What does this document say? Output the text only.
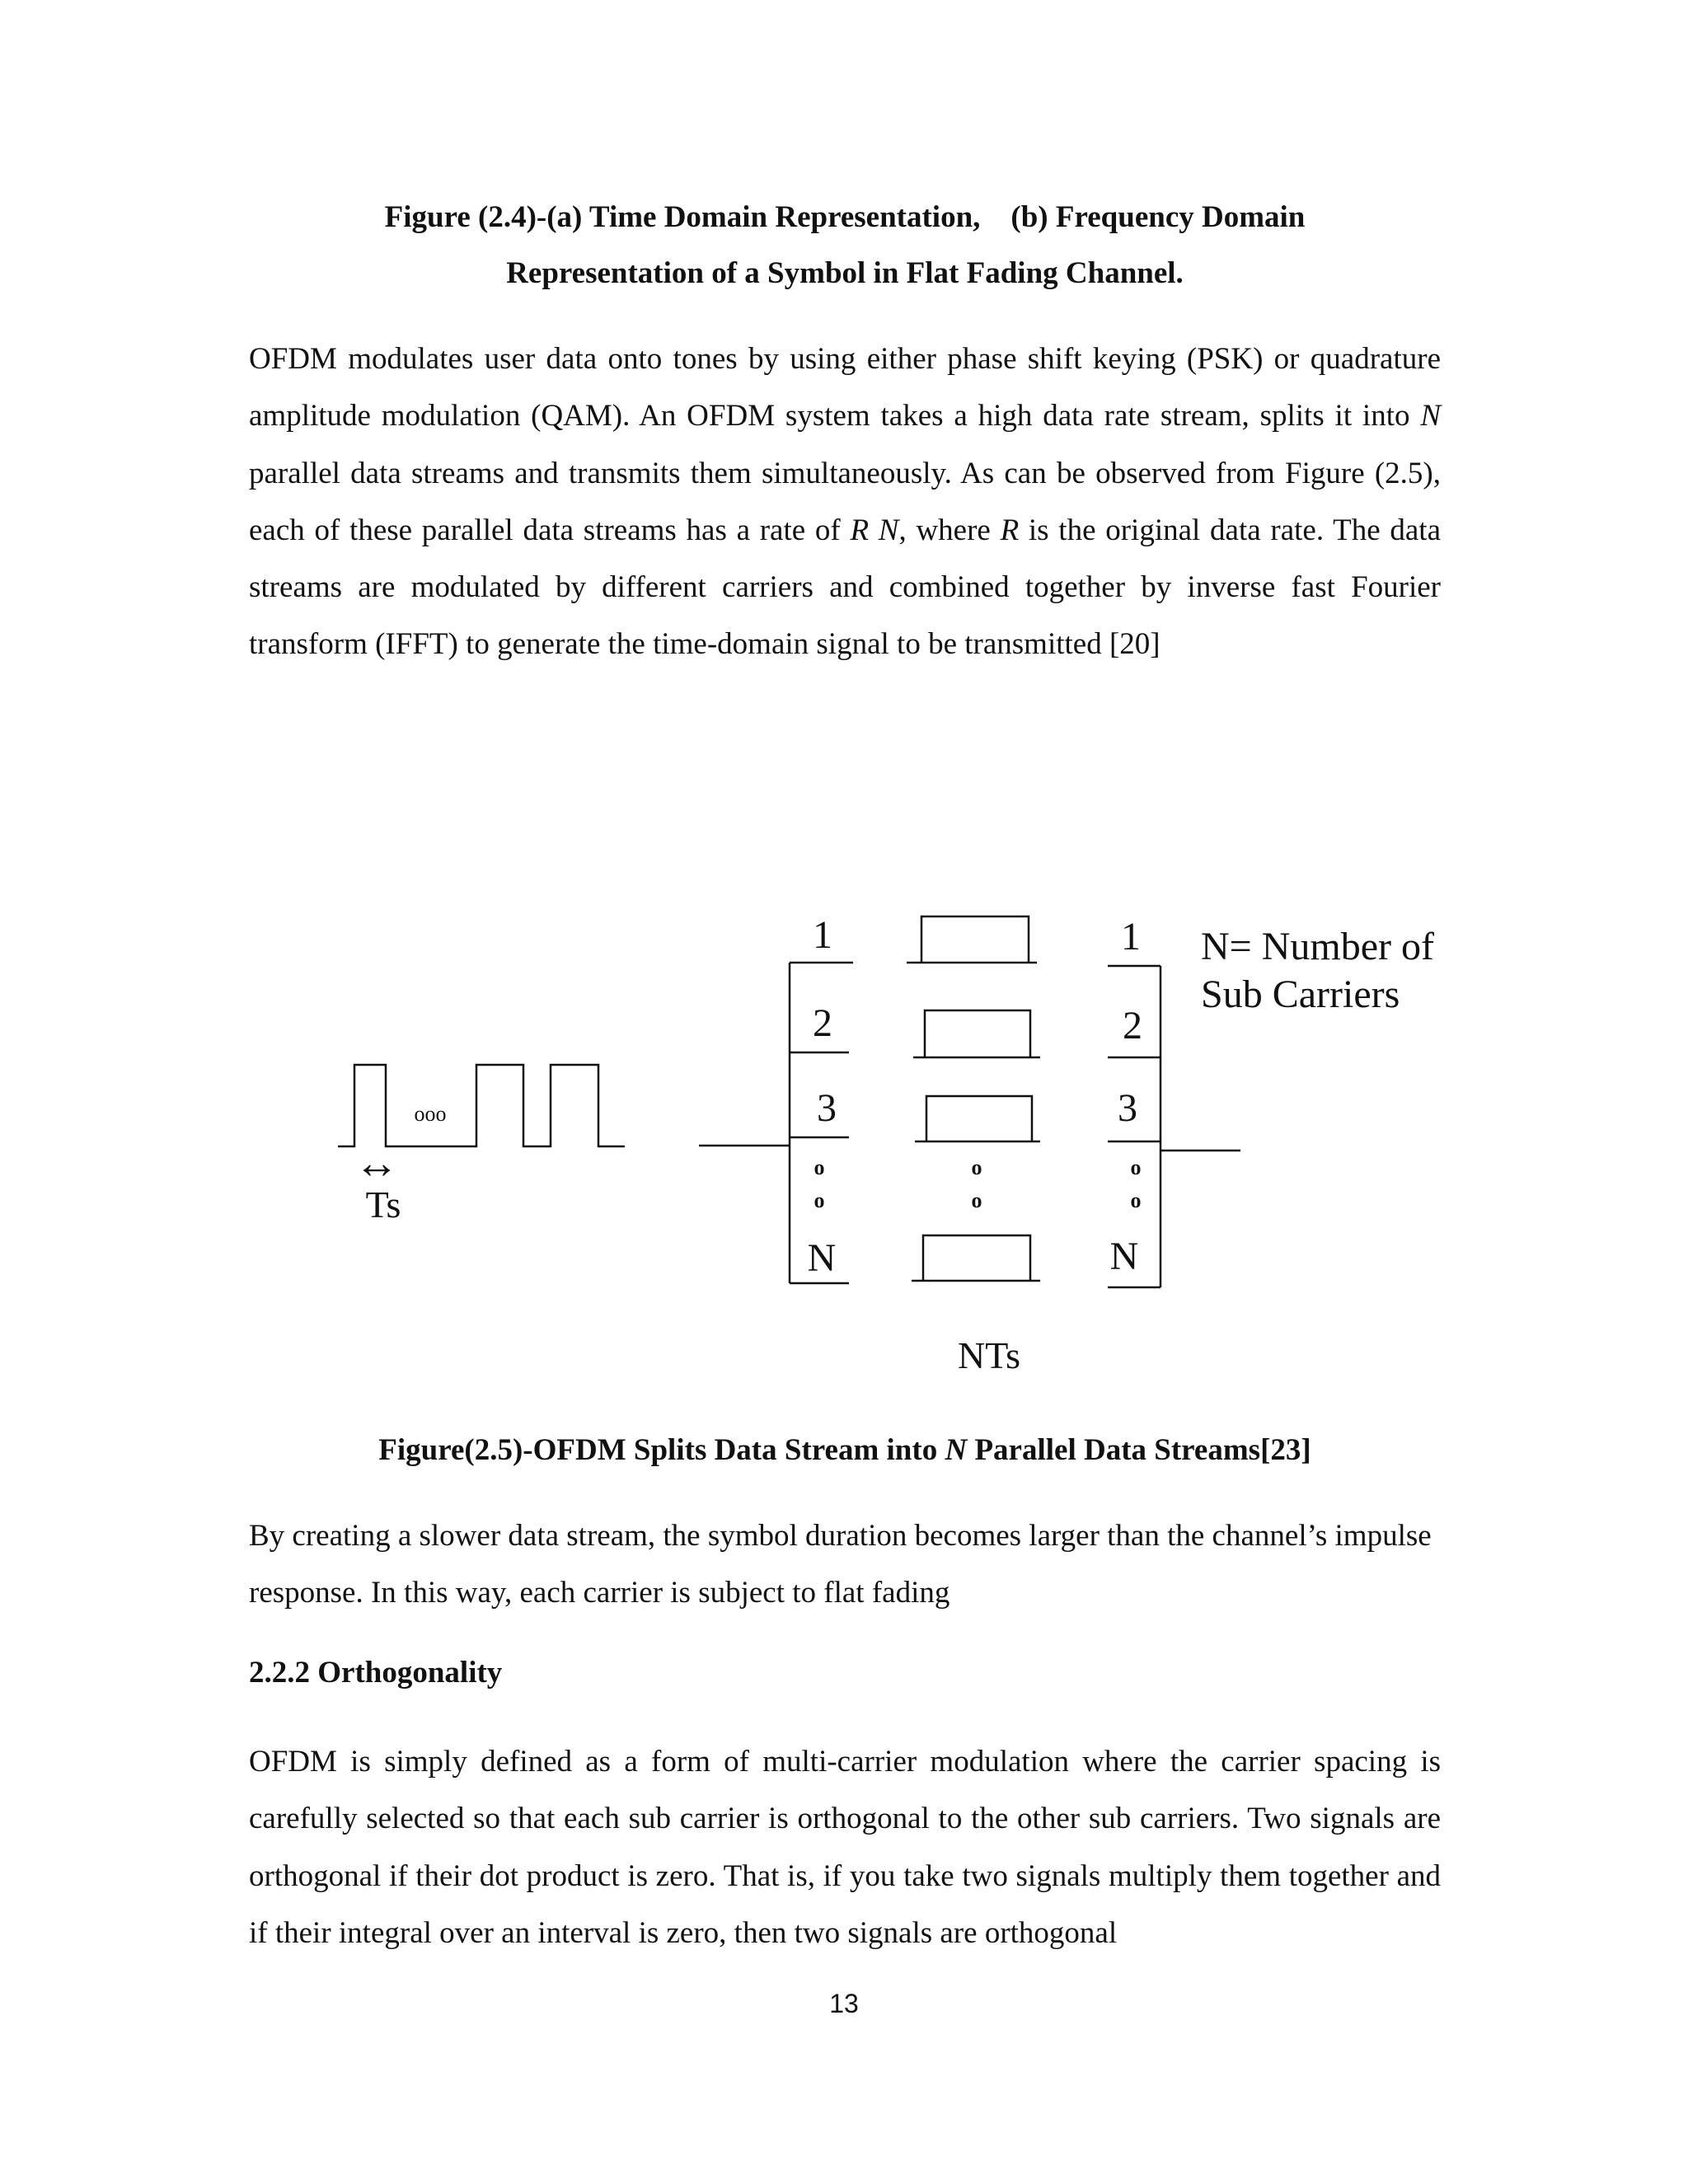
Figure (2.4)-(a) Time Domain Representation,    (b) Frequency Domain
Representation of a Symbol in Flat Fading Channel.

OFDM modulates user data onto tones by using either phase shift keying (PSK) or quadrature amplitude modulation (QAM). An OFDM system takes a high data rate stream, splits it into N parallel data streams and transmits them simultaneously. As can be observed from Figure (2.5), each of these parallel data streams has a rate of R N, where R is the original data rate. The data streams are modulated by different carriers and combined together by inverse fast Fourier transform (IFFT) to generate the time-domain signal to be transmitted [20]

ooo
↔
Ts
1
2
3
o
o
N
o
o
1
2
3
o
o
N
NTs
N= Number of
Sub Carriers
Figure(2.5)-OFDM Splits Data Stream into N Parallel Data Streams[23]

By creating a slower data stream, the symbol duration becomes larger than the channel’s impulse response. In this way, each carrier is subject to flat fading

2.2.2 Orthogonality

OFDM is simply defined as a form of multi-carrier modulation where the carrier spacing is carefully selected so that each sub carrier is orthogonal to the other sub carriers. Two signals are orthogonal if their dot product is zero. That is, if you take two signals multiply them together and if their integral over an interval is zero, then two signals are orthogonal

13
